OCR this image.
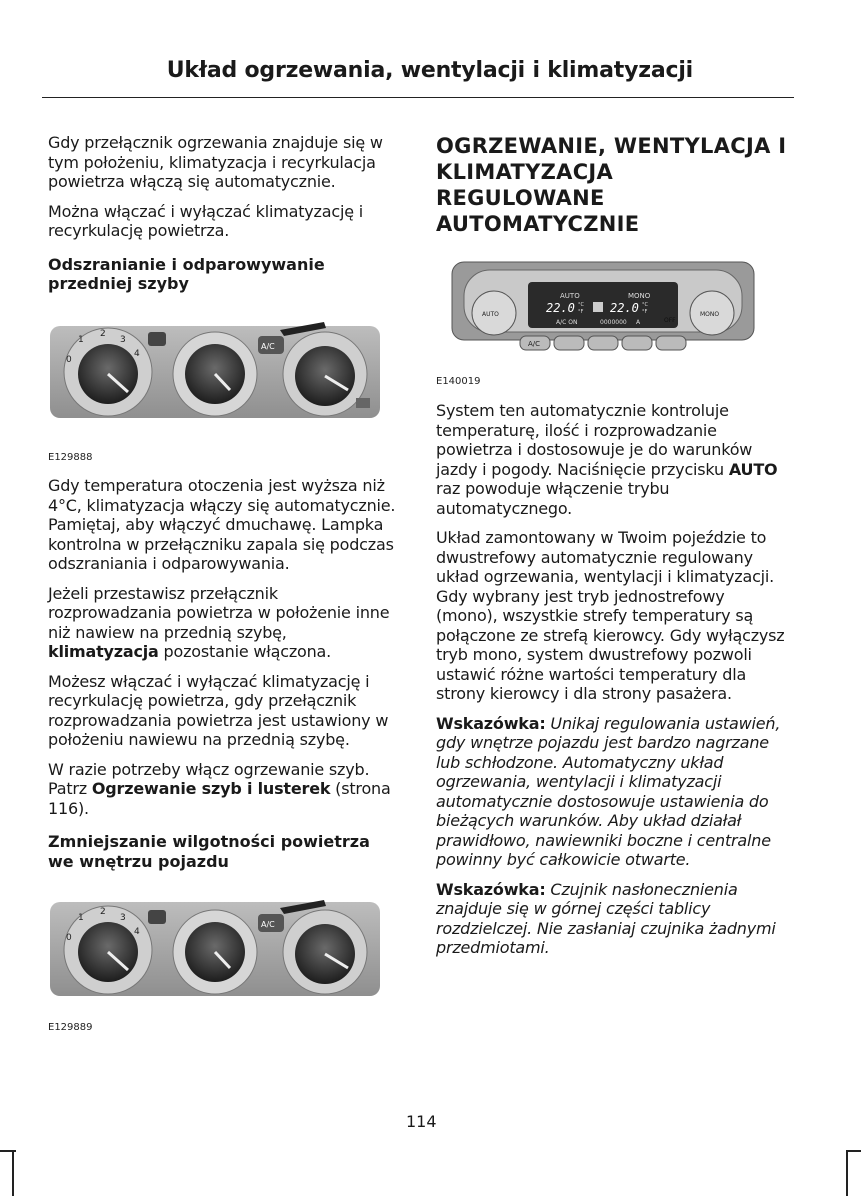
Układ ogrzewania, wentylacji i klimatyzacji

Gdy przełącznik ogrzewania znajduje się w tym położeniu, klimatyzacja i recyrkulacja powietrza włączą się automatycznie.

Można włączać i wyłączać klimatyzację i recyrkulację powietrza.

Odszranianie i odparowywanie przedniej szyby
0
1
2
3
4
A/C
E129888

Gdy temperatura otoczenia jest wyższa niż 4°C, klimatyzacja włączy się automatycznie. Pamiętaj, aby włączyć dmuchawę. Lampka kontrolna w przełączniku zapala się podczas odszraniania i odparowywania.

Jeżeli przestawisz przełącznik rozprowadzania powietrza w położenie inne niż nawiew na przednią szybę, klimatyzacja pozostanie włączona.

Możesz włączać i wyłączać klimatyzację i recyrkulację powietrza, gdy przełącznik rozprowadzania powietrza jest ustawiony w położeniu nawiewu na przednią szybę.

W razie potrzeby włącz ogrzewanie szyb. Patrz Ogrzewanie szyb i lusterek (strona 116).

Zmniejszanie wilgotności powietrza we wnętrzu pojazdu
0
1
2
3
4
A/C
E129889
OGRZEWANIE, WENTYLACJA I KLIMATYZACJA REGULOWANE AUTOMATYCZNIE
AUTO	MONO
AUTO	MONO
22.0 °C
°F 22.0 °C
°F
A/C ON	0000000 A	OFF
A/C
E140019

System ten automatycznie kontroluje temperaturę, ilość i rozprowadzanie powietrza i dostosowuje je do warunków jazdy i pogody. Naciśnięcie przycisku AUTO raz powoduje włączenie trybu automatycznego.

Układ zamontowany w Twoim pojeździe to dwustrefowy automatycznie regulowany układ ogrzewania, wentylacji i klimatyzacji. Gdy wybrany jest tryb jednostrefowy (mono), wszystkie strefy temperatury są połączone ze strefą kierowcy. Gdy wyłączysz tryb mono, system dwustrefowy pozwoli ustawić różne wartości temperatury dla strony kierowcy i dla strony pasażera.

Wskazówka: Unikaj regulowania ustawień, gdy wnętrze pojazdu jest bardzo nagrzane lub schłodzone. Automatyczny układ ogrzewania, wentylacji i klimatyzacji automatycznie dostosowuje ustawienia do bieżących warunków. Aby układ działał prawidłowo, nawiewniki boczne i centralne powinny być całkowicie otwarte.

Wskazówka: Czujnik nasłonecznienia znajduje się w górnej części tablicy rozdzielczej. Nie zasłaniaj czujnika żadnymi przedmiotami.

114
